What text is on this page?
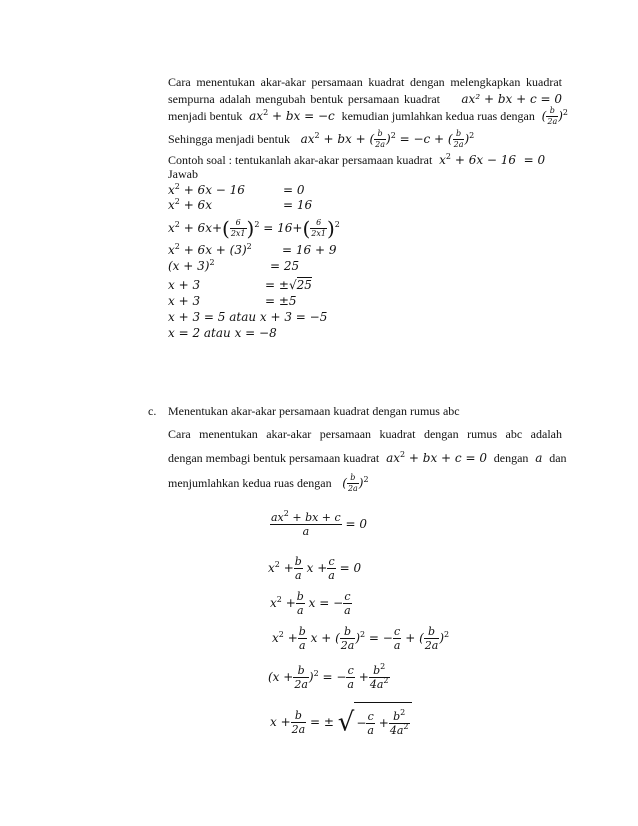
Cara menentukan akar-akar persamaan kuadrat dengan melengkapkan kuadrat
sempurna adalah mengubah bentuk persamaan kuadrat ax² + bx + c = 0
menjadi bentuk  $ax^2$ + bx = −c  kemudian jumlahkan kedua ruas dengan  ( $\frac{b}{2a} )^2$
Sehingga menjadi bentuk   $ax^2$ + bx + ( $\frac{b}{2a} )^2 = -c$ + ( $\frac{b}{2a} )^2$
Contoh soal : tentukanlah akar-akar persamaan kuadrat  $x^2 + 6x - 16 = 0$
Jawab
$x^2 + 6x - 16$	= 0
$x^2 + 6x$	= 16
$x^2 + 6x+( \frac{6}{2x1} )^2 = 16+( \frac{6}{2x1} )^2$
$x^2 + 6x + (3)^2$	= 16 + 9
$(x + 3)^2$	= 25
x + 3	= ±√25
x + 3	= ±5
x + 3 = 5 atau x + 3 = −5
x = 2 atau x = −8
c. Menentukan akar-akar persamaan kuadrat dengan rumus abc
Cara menentukan akar-akar persamaan kuadrat dengan rumus abc adalah
dengan membagi bentuk persamaan kuadrat  $ax^2$ + bx + c = 0  dengan  a  dan
menjumlahkan kedua ruas dengan   ( $\frac{b}{2a} )^2$
$\frac{ax^2 + bx + c}{a} = 0$
$x^2 + \frac{b}{a}$ $x + \frac{c}{a} = 0$
$x^2 + \frac{b}{a}$ x = − $\frac{c}{a}$
$x^2 + \frac{b}{a}$ x + ( $\frac{b}{2a} )^2$ = − $\frac{c}{a}$ + ( $\frac{b}{2a} )^2$
$(x + \frac{b}{2a} )^2$ = − $\frac{c}{a} + \frac{b^2}{4a^2}$
$x + \frac{b}{2a}$ = ± √ − $\frac{c}{a} + \frac{b^2}{4a^2}$
